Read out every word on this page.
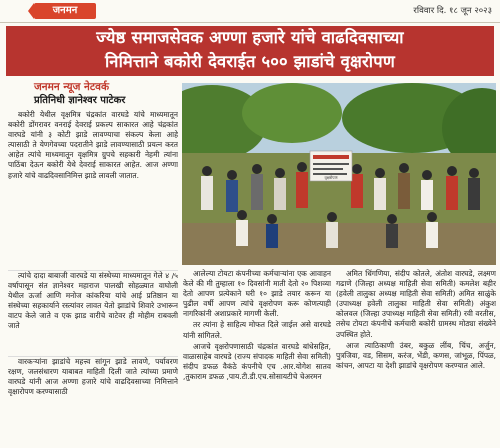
जनमन	रविवार दि. १८ जून २०२३
ज्येष्ठ समाजसेवक अण्णा हजारे यांचे वाढदिवसाच्या
निमित्ताने बकोरी देवराईत ५०० झाडांचे वृक्षरोपण
जनमन न्यूज नेटवर्क
प्रतिनिधी ज्ञानेश्वर पाटेकर

बकोरी येथील वृक्षमित्र चंद्रकांत वारघडे यांचे माध्यमातून बकोरी डोंगरावर वनराई देवराई प्रकल्प साकारत आहे चंद्रकांत वारघडे यांनी ३ कोटी झाडे लावण्याचा संकल्प केला आहे त्यासाठी ते येणगेवच्या पदरातीने झाडे लावण्यासाठी प्रयत्न करत आहेत त्यांचे माध्यमातून वृक्षमित्र ग्रुपचे सहकारी नेहमी त्यांना पाठिंबा देऊन बकोरी येथे देवराई साकारत आहेत. आज अण्णा हजारे यांचे वाढदिवसानिमित्त झाडे लावली जातात.

त्यांचे दादा बाबाजी वारघडे या संस्थेच्या माध्यमातून गेले ४ /५ वर्षापासून संत ज्ञानेश्वर महाराज पालखी सोहळ्यात वाघोली येथील ऊर्जा आणि मनोज कांकरिया यांचे आई प्रतिष्ठान या संस्थेच्या सहकार्याने रस्त्यांवर लावत येतो झाडांचे शिवारे उभारून वाटप केले जाते व एक झाड वारीचे वाटेवर ही मोहीम राबवली जाते

वारकऱ्यांना झाडांचे महत्त्व सांगून झाडे लावणे, पर्यावरण रक्षण, जलसंधारण याबाबत माहिती दिली जाते त्यांच्या प्रमाणे वारघडे यांनी आज अण्णा हजारे यांचे वाढदिवसाच्या निमित्ताने वृक्षारोपण करण्यासाठी

वृक्षरोपण

आलेल्या टोयटा कंपनीच्या कर्मचाऱ्यांना एक आवाहन केले की मी तुम्हाला १० दिवसांनी माती देतो २० पिशव्या देतो आपण प्रत्येकाने घरी १० झाडे तयार करून या पुढील वर्षी आपण त्यांचे वृक्षरोपण करू कोणत्याही नागरिकांनी अशाप्रकारे मागणी केली.

तर त्यांना हे साहित्य मोफत दिले जाईल असे वारघडे यांनी सांगितले.

आजचे वृक्षरोपणासाठी चंद्रकांत वारघडे बांधेसहित, वाळासाहेब वारघडे (राज्य संपादक माहिती सेवा समिती) संदीप डफळ वैकंठे कंपनीचे एच .आर.योगेश सातव ,तुकाराम डफळ ,पाय.टी.डी.एच.सोसायटीचे चेअरमन

अमित धिंगणिया, संदीप कोतले, अंतोश वारघडे, लक्ष्मण गढाणे (जिल्हा अध्यक्ष माहिती सेवा समिती) कमलेश बहीर (हवेली तालुका अध्यक्ष माहिती सेवा समिती) अमित साळुंके (उपाध्यक्ष हवेली तालुका माहिती सेवा समिती) अंकुश कोलवल (जिल्हा उपाध्यक्ष माहिती सेवा समिती) रवी वरतीस, तसेच टोयटा कंपनीचे कर्मचारी बकोरी ग्रामस्थ मोठ्या संख्येने उपस्थित होते.

आज त्याठिकाणी उंबर, बकुळ लींब, चिंच, अर्जुन, पुत्रजिवा, वड, सिसम, करंज, भेंडी, कणस, जांभूळ, पिंपळ, कांचन, आपटा या देशी झाडांचे वृक्षरोपण करण्यात आले.
